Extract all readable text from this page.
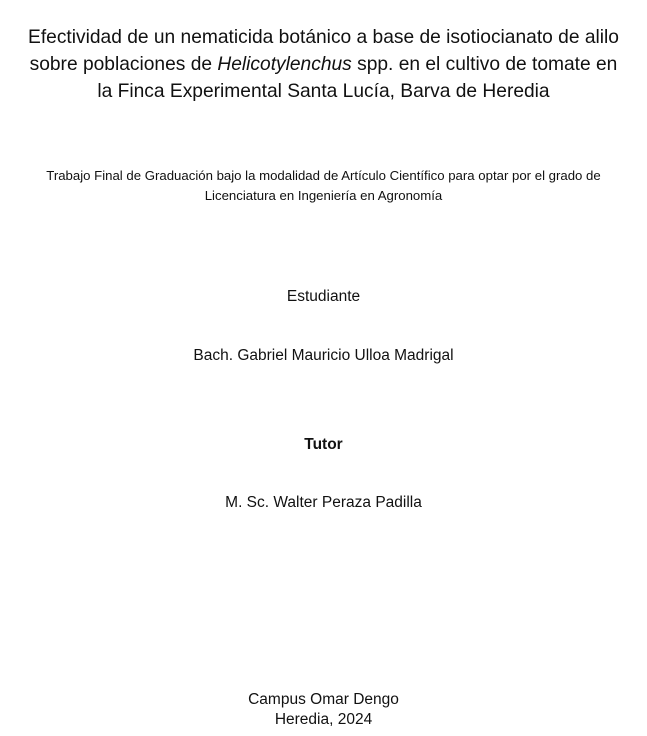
Efectividad de un nematicida botánico a base de isotiocianato de alilo
sobre poblaciones de Helicotylenchus spp. en el cultivo de tomate en
la Finca Experimental Santa Lucía, Barva de Heredia
Trabajo Final de Graduación bajo la modalidad de Artículo Científico para optar por el grado de
Licenciatura en Ingeniería en Agronomía
Estudiante
Bach. Gabriel Mauricio Ulloa Madrigal
Tutor
M. Sc. Walter Peraza Padilla
Campus Omar Dengo
Heredia, 2024
